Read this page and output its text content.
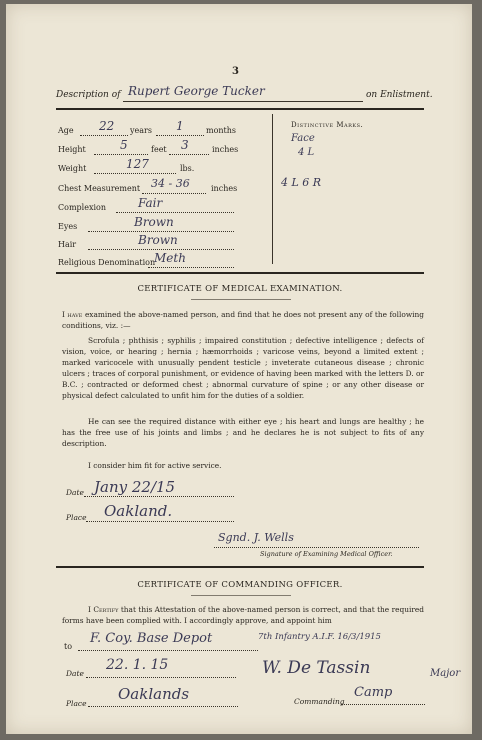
3
Description of Rupert George Tucker	on Enlistment.
Age 22 years 1	months
Height	5	feet 3	inches
Weight	127	lbs.
Chest Measurement 34 - 36	inches
Complexion	Fair
Eyes	Brown
Hair	Brown
Religious Denomination
Meth
Distinctive Marks.
Face
4 L
4 L 6 R
CERTIFICATE OF MEDICAL EXAMINATION.
I have examined the above-named person, and find that he does not present any of the following conditions, viz. :—
Scrofula ; phthisis ; syphilis ; impaired constitution ; defective intelligence ; defects of vision, voice, or hearing ; hernia ; hæmorrhoids ; varicose veins, beyond a limited extent ; marked varicocele with unusually pendent testicle ; inveterate cutaneous disease ; chronic ulcers ; traces of corporal punishment, or evidence of having been marked with the letters D. or B.C. ; contracted or deformed chest ; abnormal curvature of spine ; or any other disease or physical defect calculated to unfit him for the duties of a soldier.
He can see the required distance with either eye ; his heart and lungs are healthy ; he has the free use of his joints and limbs ; and he declares he is not subject to fits of any description.
I consider him fit for active service.
Date Jany 22/15
Place Oakland.
Sgnd. J. Wells
Signature of Examining Medical Officer.
CERTIFICATE OF COMMANDING OFFICER.
I Certify that this Attestation of the above-named person is correct, and that the required forms have been complied with. I accordingly approve, and appoint him
to
F. Coy. Base Depot	7th Infantry A.I.F. 16/3/1915
Date
22. 1. 15	W. De Tassin	Major
Place
Oaklands	Commanding
Camp
